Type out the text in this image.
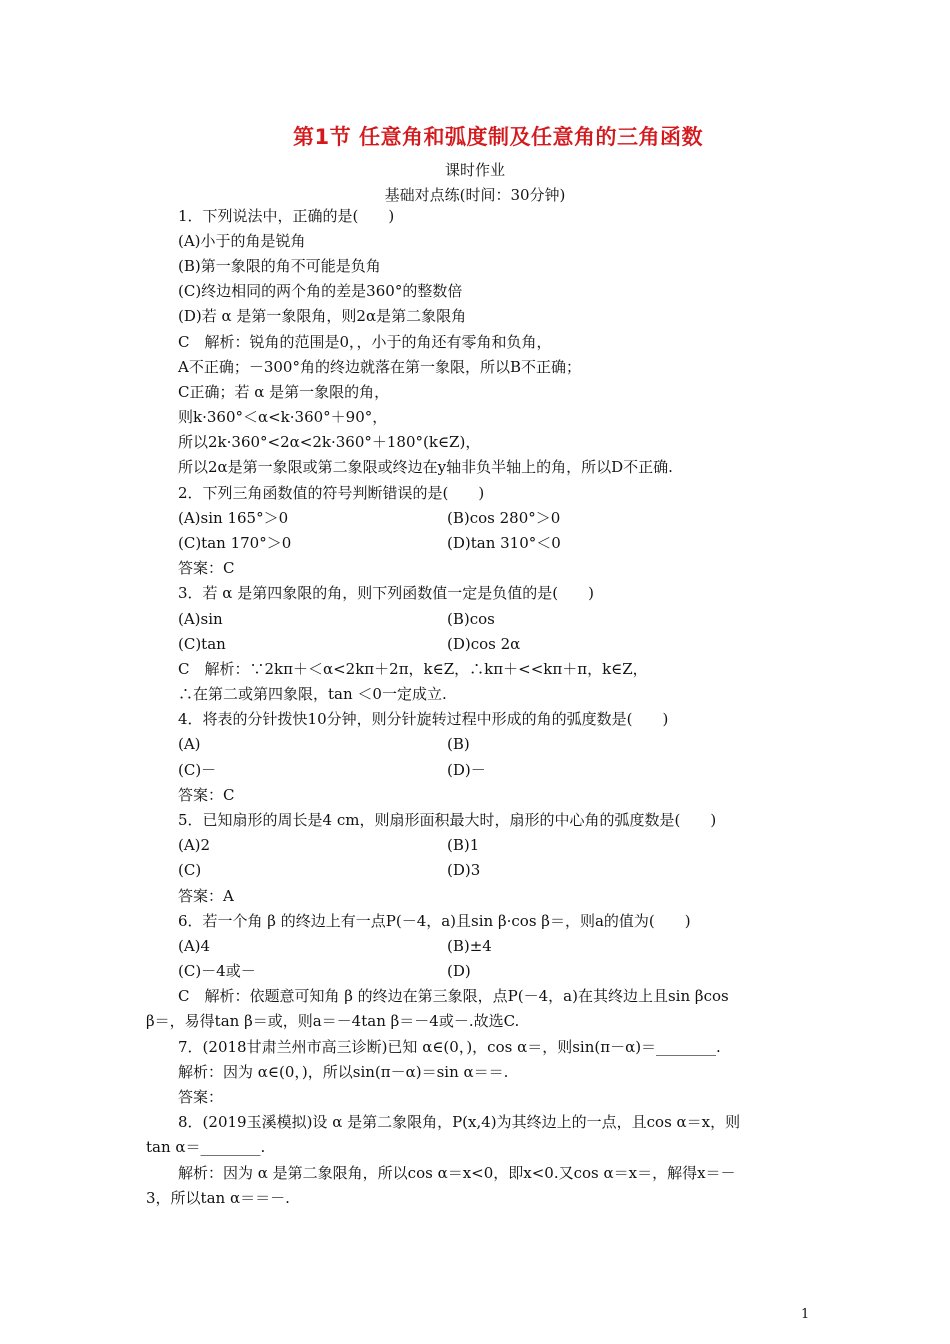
第1节 任意角和弧度制及任意角的三角函数
课时作业
基础对点练(时间：30分钟)
1．下列说法中，正确的是(　　)
(A)小于的角是锐角
(B)第一象限的角不可能是负角
(C)终边相同的两个角的差是360°的整数倍
(D)若 α 是第一象限角，则2α是第二象限角
C　解析：锐角的范围是0，，小于的角还有零角和负角，
A不正确；－300°角的终边就落在第一象限，所以B不正确；
C正确；若 α 是第一象限的角，
则k·360°＜α<k·360°＋90°，
所以2k·360°<2α<2k·360°＋180°(k∈Z)，
所以2α是第一象限或第二象限或终边在y轴非负半轴上的角，所以D不正确.
2．下列三角函数值的符号判断错误的是(　　)
(A)sin 165°＞0	(B)cos 280°＞0
(C)tan 170°＞0	(D)tan 310°＜0
答案：C
3．若 α 是第四象限的角，则下列函数值一定是负值的是(　　)
(A)sin	(B)cos
(C)tan	(D)cos 2α
C　解析：∵2kπ＋＜α<2kπ＋2π，k∈Z，∴kπ＋<<kπ＋π，k∈Z，
∴在第二或第四象限，tan ＜0一定成立.
4．将表的分针拨快10分钟，则分针旋转过程中形成的角的弧度数是(　　)
(A)	(B)
(C)－	(D)－
答案：C
5．已知扇形的周长是4 cm，则扇形面积最大时，扇形的中心角的弧度数是(　　)
(A)2	(B)1
(C)	(D)3
答案：A
6．若一个角 β 的终边上有一点P(－4，a)且sin β·cos β＝，则a的值为(　　)
(A)4	(B)±4
(C)－4或－	(D)
C　解析：依题意可知角 β 的终边在第三象限，点P(－4，a)在其终边上且sin βcos
β＝，易得tan β＝或，则a＝－4tan β＝－4或－.故选C.
7．(2018甘肃兰州市高三诊断)已知 α∈(0，)，cos α＝，则sin(π－α)＝________.
解析：因为 α∈(0，)，所以sin(π－α)＝sin α＝＝.
答案：
8．(2019玉溪模拟)设 α 是第二象限角，P(x,4)为其终边上的一点，且cos α＝x，则
tan α＝________.
解析：因为 α 是第二象限角，所以cos α＝x<0，即x<0.又cos α＝x＝，解得x＝－
3，所以tan α＝＝－.
1
